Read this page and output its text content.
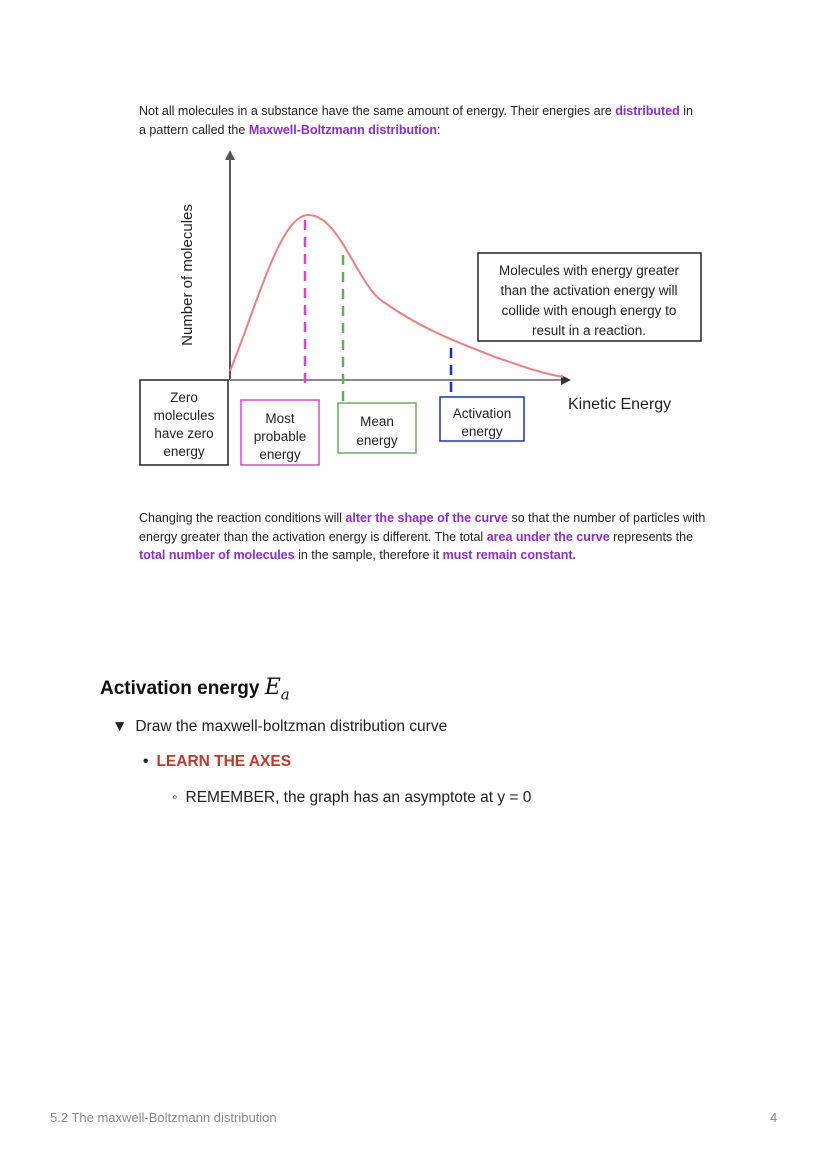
Not all molecules in a substance have the same amount of energy. Their energies are distributed in a pattern called the Maxwell-Boltzmann distribution:
Number of molecules
Kinetic Energy
Molecules with energy greater
than the activation energy will
collide with enough energy to
result in a reaction.
Zero
molecules
have zero
energy
Most
probable
energy
Mean
energy
Activation
energy
Changing the reaction conditions will alter the shape of the curve so that the number of particles with energy greater than the activation energy is different. The total area under the curve represents the total number of molecules in the sample, therefore it must remain constant.
Activation energy $E_a$
▼ Draw the maxwell-boltzman distribution curve
• LEARN THE AXES
◦ REMEMBER, the graph has an asymptote at y = 0
5.2 The maxwell-Boltzmann distribution	4
